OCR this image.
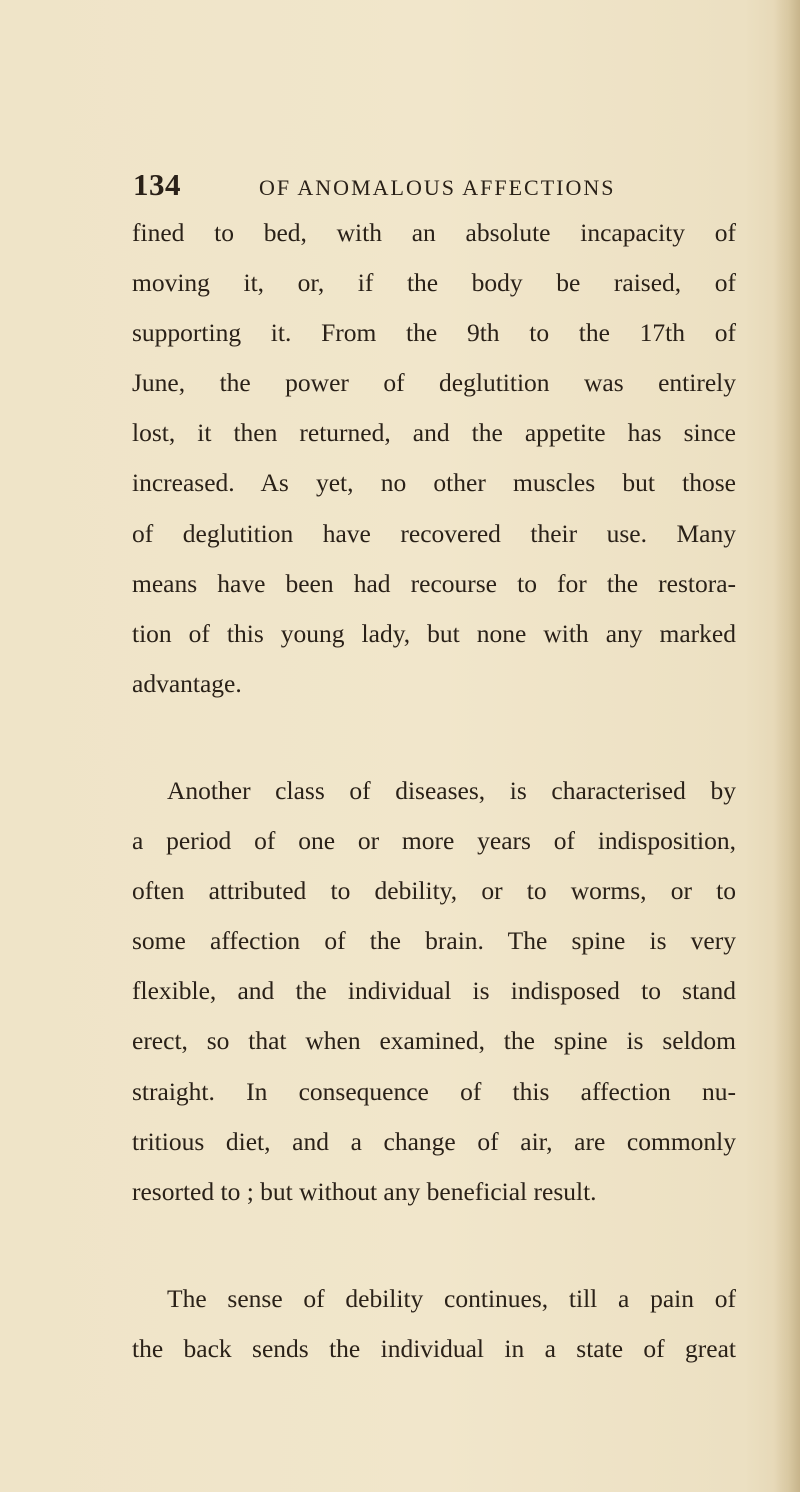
134	OF ANOMALOUS AFFECTIONS
fined to bed, with an absolute incapacity of
moving it, or, if the body be raised, of
supporting it. From the 9th to the 17th of
June, the power of deglutition was entirely
lost, it then returned, and the appetite has since
increased. As yet, no other muscles but those
of deglutition have recovered their use. Many
means have been had recourse to for the restora-
tion of this young lady, but none with any marked
advantage.
Another class of diseases, is characterised by
a period of one or more years of indisposition,
often attributed to debility, or to worms, or to
some affection of the brain. The spine is very
flexible, and the individual is indisposed to stand
erect, so that when examined, the spine is seldom
straight. In consequence of this affection nu-
tritious diet, and a change of air, are commonly
resorted to ; but without any beneficial result.
The sense of debility continues, till a pain of
the back sends the individual in a state of great
